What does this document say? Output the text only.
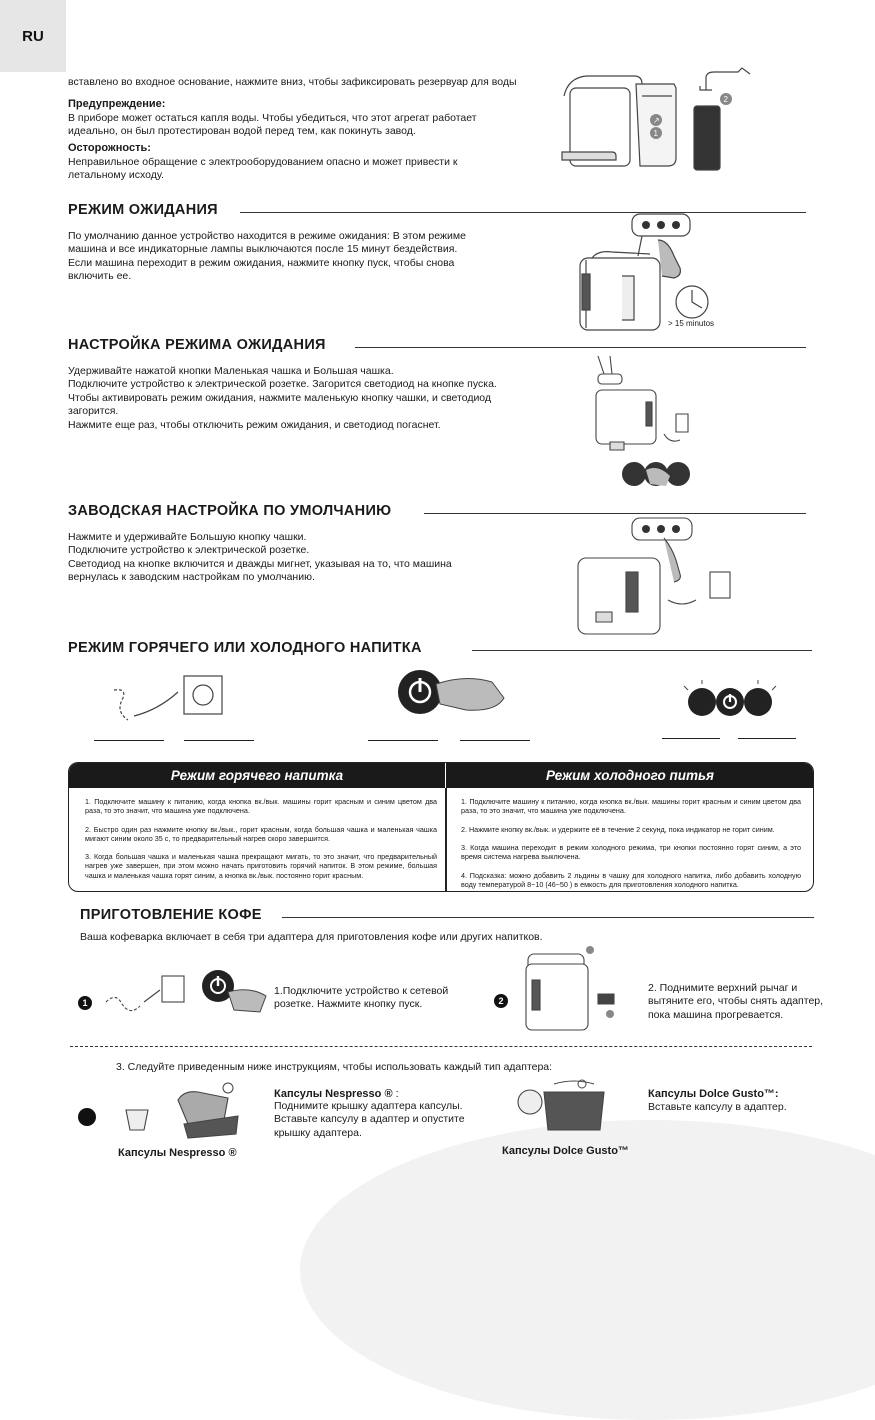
RU
вставлено во входное основание, нажмите вниз, чтобы зафиксировать резервуар для воды
Предупреждение:
В приборе может остаться капля воды. Чтобы убедиться, что этот агрегат работает
идеально, он был протестирован водой перед тем, как покинуть завод.
Осторожность:
Неправильное обращение с электрооборудованием опасно и может привести к
летальному исходу.
↗
1
2
РЕЖИМ ОЖИДАНИЯ
По умолчанию данное устройство находится в режиме ожидания: В этом режиме
машина и все индикаторные лампы выключаются после 15 минут бездействия.
Если машина переходит в режим ожидания, нажмите кнопку пуск, чтобы снова
включить ее.
> 15 minutos
НАСТРОЙКА РЕЖИМА ОЖИДАНИЯ
Удерживайте нажатой кнопки Маленькая чашка и Большая чашка.
Подключите устройство к электрической розетке. Загорится светодиод на кнопке пуска.
Чтобы активировать режим ожидания, нажмите маленькую кнопку чашки, и светодиод
загорится.
Нажмите еще раз, чтобы отключить режим ожидания, и светодиод погаснет.
ЗАВОДСКАЯ НАСТРОЙКА ПО УМОЛЧАНИЮ
Нажмите и удерживайте Большую кнопку чашки.
Подключите устройство к электрической розетке.
Светодиод на кнопке включится и дважды мигнет, указывая на то, что машина
вернулась к заводским настройкам по умолчанию.
РЕЖИМ ГОРЯЧЕГО ИЛИ ХОЛОДНОГО НАПИТКА
Режим горячего напитка	Режим холодного питья
1. Подключите машину к питанию, когда кнопка вк./вык. машины горит красным и синим цветом два раза, то это значит, что машина уже подключена.

2. Быстро один раз нажмите кнопку вк./вык., горит красным, когда большая чашка и маленькая чашка мигают синим около 35 с, то предварительный нагрев скоро завершится.

3. Когда большая чашка и маленькая чашка прекращают мигать, то это значит, что предварительный нагрев уже завершен, при этом можно начать приготовить горячий напиток. В этом режиме, большая чашка и маленькая чашка горят синим, а кнопка вк./вык. постоянно горит красным.
1. Подключите машину к питанию, когда кнопка вк./вык. машины горит красным и синим цветом два раза, то это значит, что машина уже подключена.

2. Нажмите кнопку вк./вык. и удержите её в течение 2 секунд, пока индикатор не горит синим.

3. Когда машина переходит в режим холодного режима, три кнопки постоянно горят синим, а это время система нагрева выключена.

4. Подсказка: можно добавить 2 льдины в чашку для холодного напитка, либо добавить холодную воду температурой 8~10 (46~50 ) в емкость для приготовления холодного напитка.
ПРИГОТОВЛЕНИЕ КОФЕ
Ваша кофеварка включает в себя три адаптера для приготовления кофе или других напитков.
1
1.Подключите устройство к сетевой
розетке. Нажмите кнопку пуск.	2
2. Поднимите верхний рычаг и
вытяните его, чтобы снять адаптер,
пока машина прогревается.
3. Следуйте приведенным ниже инструкциям, чтобы использовать каждый тип адаптера:
Капсулы Nespresso ® :
Поднимите крышку адаптера капсулы.
Вставьте капсулу в адаптер и опустите
крышку адаптера.
Капсулы Nespresso ®
Капсулы Dolce Gusto™:
Вставьте капсулу в адаптер.
Капсулы Dolce Gusto™
